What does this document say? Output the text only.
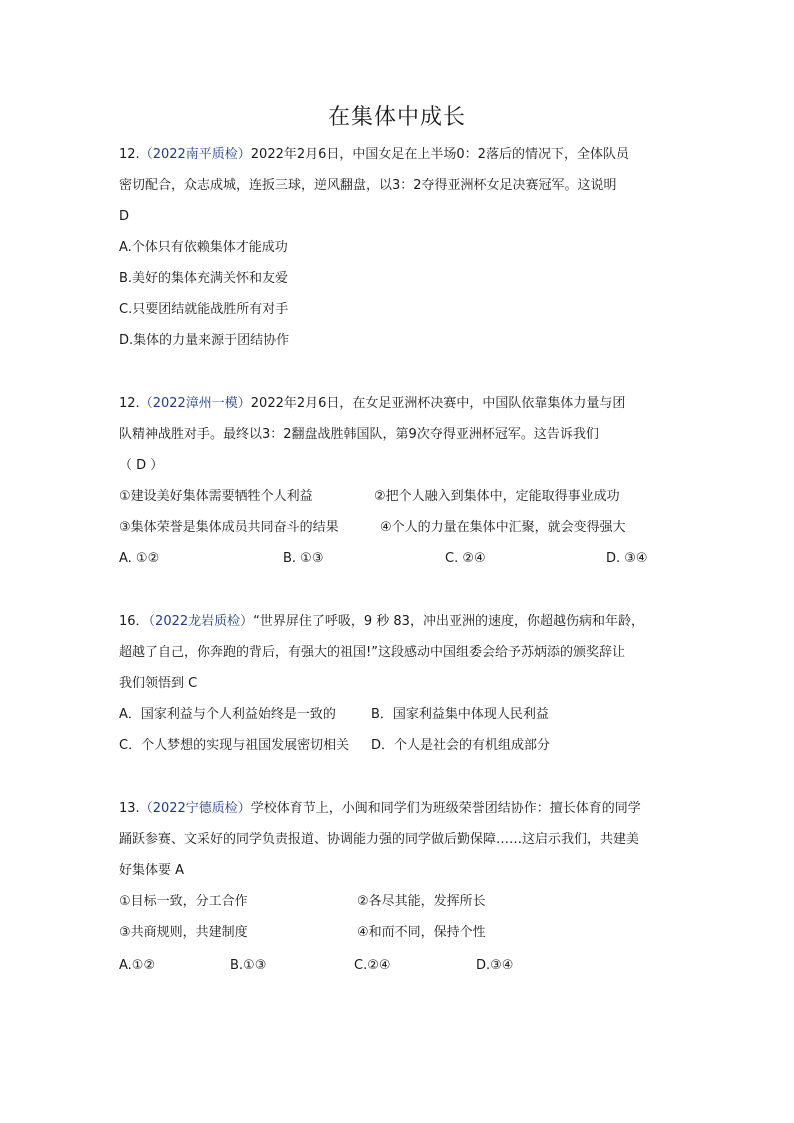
在集体中成长
12.（2022南平质检）2022年2月6日，中国女足在上半场0：2落后的情况下，全体队员
密切配合，众志成城，连扳三球，逆风翻盘，以3：2夺得亚洲杯女足决赛冠军。这说明
D
A.个体只有依赖集体才能成功
B.美好的集体充满关怀和友爱
C.只要团结就能战胜所有对手
D.集体的力量来源于团结协作
12.（2022漳州一模）2022年2月6日，在女足亚洲杯决赛中，中国队依靠集体力量与团
队精神战胜对手。最终以3：2翻盘战胜韩国队，第9次夺得亚洲杯冠军。这告诉我们
（ D ）
①建设美好集体需要牺牲个人利益	②把个人融入到集体中，定能取得事业成功
③集体荣誉是集体成员共同奋斗的结果	④个人的力量在集体中汇聚，就会变得强大
A. ①②	B. ①③	C. ②④	D. ③④
16．（2022龙岩质检）“世界屏住了呼吸，9 秒 83，冲出亚洲的速度，你超越伤病和年龄，
超越了自己，你奔跑的背后，有强大的祖国!”这段感动中国组委会给予苏炳添的颁奖辞让
我们领悟到 C
A．国家利益与个人利益始终是一致的	B．国家利益集中体现人民利益
C．个人梦想的实现与祖国发展密切相关 D．个人是社会的有机组成部分
13.（2022宁德质检）学校体育节上，小闽和同学们为班级荣誉团结协作：擅长体育的同学
踊跃参赛、文采好的同学负责报道、协调能力强的同学做后勤保障……这启示我们，共建美
好集体要 A
①目标一致，分工合作	②各尽其能，发挥所长
③共商规则，共建制度	④和而不同，保持个性
A.①②	B.①③	C.②④	D.③④
